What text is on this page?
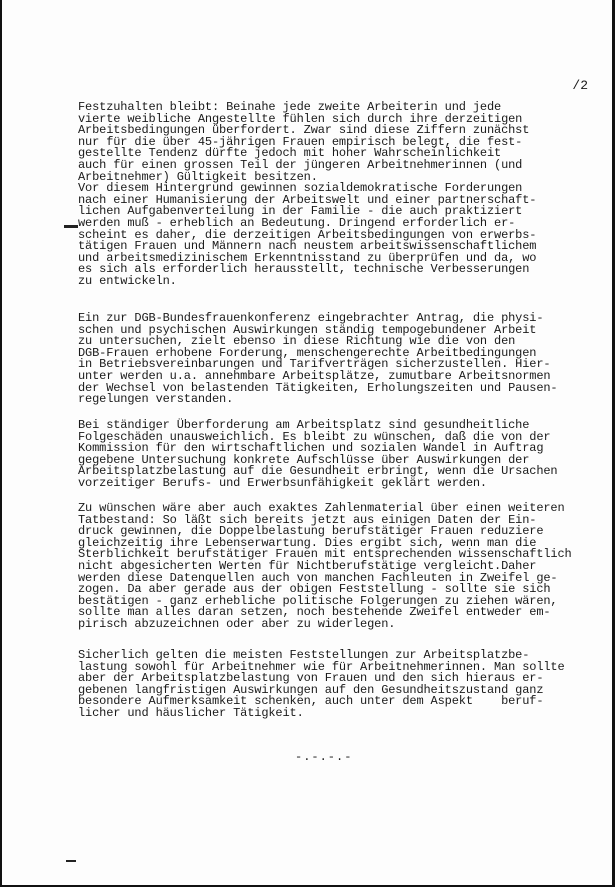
/2
Festzuhalten bleibt: Beinahe jede zweite Arbeiterin und jede
vierte weibliche Angestellte fühlen sich durch ihre derzeitigen
Arbeitsbedingungen überfordert. Zwar sind diese Ziffern zunächst
nur für die über 45-jährigen Frauen empirisch belegt, die fest-
gestellte Tendenz dürfte jedoch mit hoher Wahrscheinlichkeit
auch für einen grossen Teil der jüngeren Arbeitnehmerinnen (und
Arbeitnehmer) Gültigkeit besitzen.
Vor diesem Hintergrund gewinnen sozialdemokratische Forderungen
nach einer Humanisierung der Arbeitswelt und einer partnerschaft-
lichen Aufgabenverteilung in der Familie - die auch praktiziert
werden muß - erheblich an Bedeutung. Dringend erforderlich er-
scheint es daher, die derzeitigen Arbeitsbedingungen von erwerbs-
tätigen Frauen und Männern nach neustem arbeitswissenschaftlichem
und arbeitsmedizinischem Erkenntnisstand zu überprüfen und da, wo
es sich als erforderlich herausstellt, technische Verbesserungen
zu entwickeln.
Ein zur DGB-Bundesfrauenkonferenz eingebrachter Antrag, die physi-
schen und psychischen Auswirkungen ständig tempogebundener Arbeit
zu untersuchen, zielt ebenso in diese Richtung wie die von den
DGB-Frauen erhobene Forderung, menschengerechte Arbeitbedingungen
in Betriebsvereinbarungen und Tarifverträgen sicherzustellen. Hier-
unter werden u.a. annehmbare Arbeitsplätze, zumutbare Arbeitsnormen
der Wechsel von belastenden Tätigkeiten, Erholungszeiten und Pausen-
regelungen verstanden.
Bei ständiger Überforderung am Arbeitsplatz sind gesundheitliche
Folgeschäden unausweichlich. Es bleibt zu wünschen, daß die von der
Kommission für den wirtschaftlichen und sozialen Wandel in Auftrag
gegebene Untersuchung konkrete Aufschlüsse über Auswirkungen der
Arbeitsplatzbelastung auf die Gesundheit erbringt, wenn die Ursachen
vorzeitiger Berufs- und Erwerbsunfähigkeit geklärt werden.
Zu wünschen wäre aber auch exaktes Zahlenmaterial über einen weiteren
Tatbestand: So läßt sich bereits jetzt aus einigen Daten der Ein-
druck gewinnen, die Doppelbelastung berufstätiger Frauen reduziere
gleichzeitig ihre Lebenserwartung. Dies ergibt sich, wenn man die
Sterblichkeit berufstätiger Frauen mit entsprechenden wissenschaftlich
nicht abgesicherten Werten für Nichtberufstätige vergleicht.Daher
werden diese Datenquellen auch von manchen Fachleuten in Zweifel ge-
zogen. Da aber gerade aus der obigen Feststellung - sollte sie sich
bestätigen - ganz erhebliche politische Folgerungen zu ziehen wären,
sollte man alles daran setzen, noch bestehende Zweifel entweder em-
pirisch abzuzeichnen oder aber zu widerlegen.
Sicherlich gelten die meisten Feststellungen zur Arbeitsplatzbe-
lastung sowohl für Arbeitnehmer wie für Arbeitnehmerinnen. Man sollte
aber der Arbeitsplatzbelastung von Frauen und den sich hieraus er-
gebenen langfristigen Auswirkungen auf den Gesundheitszustand ganz
besondere Aufmerksamkeit schenken, auch unter dem Aspekt    beruf-
licher und häuslicher Tätigkeit.
-.-.-.-
